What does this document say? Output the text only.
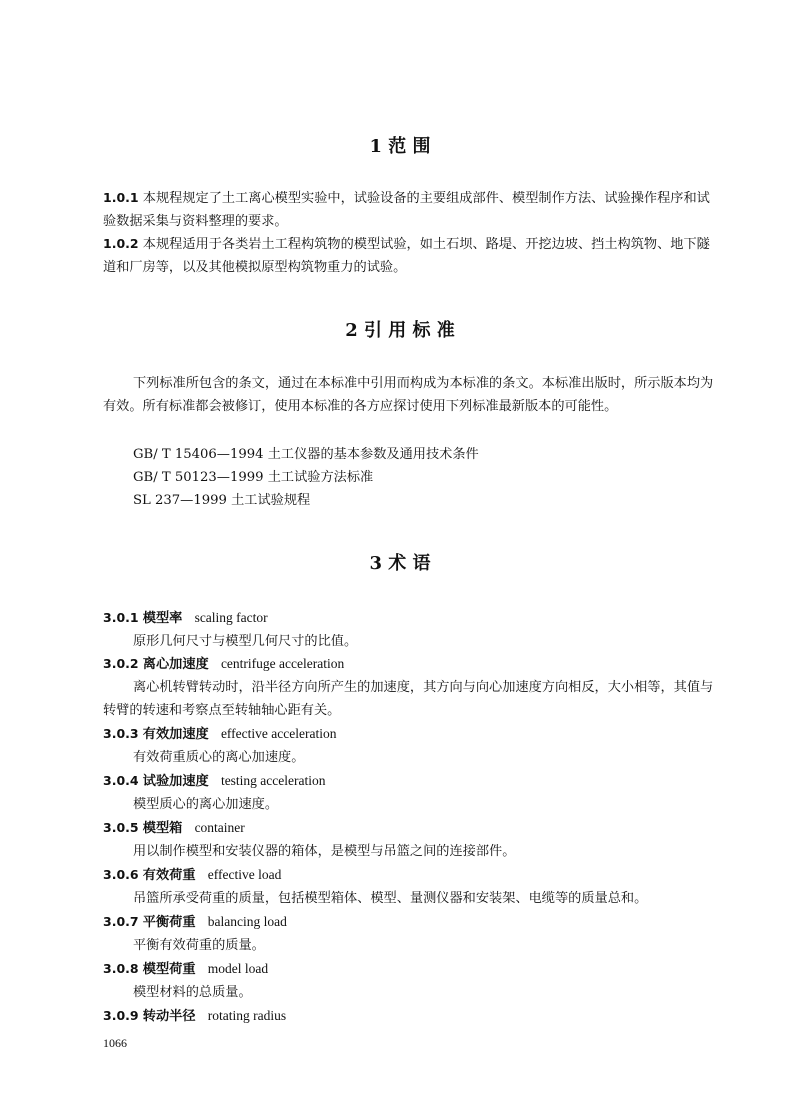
1 范 围
1.0.1 本规程规定了土工离心模型实验中，试验设备的主要组成部件、模型制作方法、试验操作程序和试验数据采集与资料整理的要求。
1.0.2 本规程适用于各类岩土工程构筑物的模型试验，如土石坝、路堤、开挖边坡、挡土构筑物、地下隧道和厂房等，以及其他模拟原型构筑物重力的试验。
2 引 用 标 准
下列标准所包含的条文，通过在本标准中引用而构成为本标准的条文。本标准出版时，所示版本均为有效。所有标准都会被修订，使用本标准的各方应探讨使用下列标准最新版本的可能性。
GB/ T 15406—1994 土工仪器的基本参数及通用技术条件
GB/ T 50123—1999 土工试验方法标准
SL 237—1999 土工试验规程
3 术 语
3.0.1 模型率 scaling factor
原形几何尺寸与模型几何尺寸的比值。
3.0.2 离心加速度 centrifuge acceleration
离心机转臂转动时，沿半径方向所产生的加速度，其方向与向心加速度方向相反，大小相等，其值与转臂的转速和考察点至转轴轴心距有关。
3.0.3 有效加速度 effective acceleration
有效荷重质心的离心加速度。
3.0.4 试验加速度 testing acceleration
模型质心的离心加速度。
3.0.5 模型箱 container
用以制作模型和安装仪器的箱体，是模型与吊篮之间的连接部件。
3.0.6 有效荷重 effective load
吊篮所承受荷重的质量，包括模型箱体、模型、量测仪器和安装架、电缆等的质量总和。
3.0.7 平衡荷重 balancing load
平衡有效荷重的质量。
3.0.8 模型荷重 model load
模型材料的总质量。
3.0.9 转动半径 rotating radius
1066
